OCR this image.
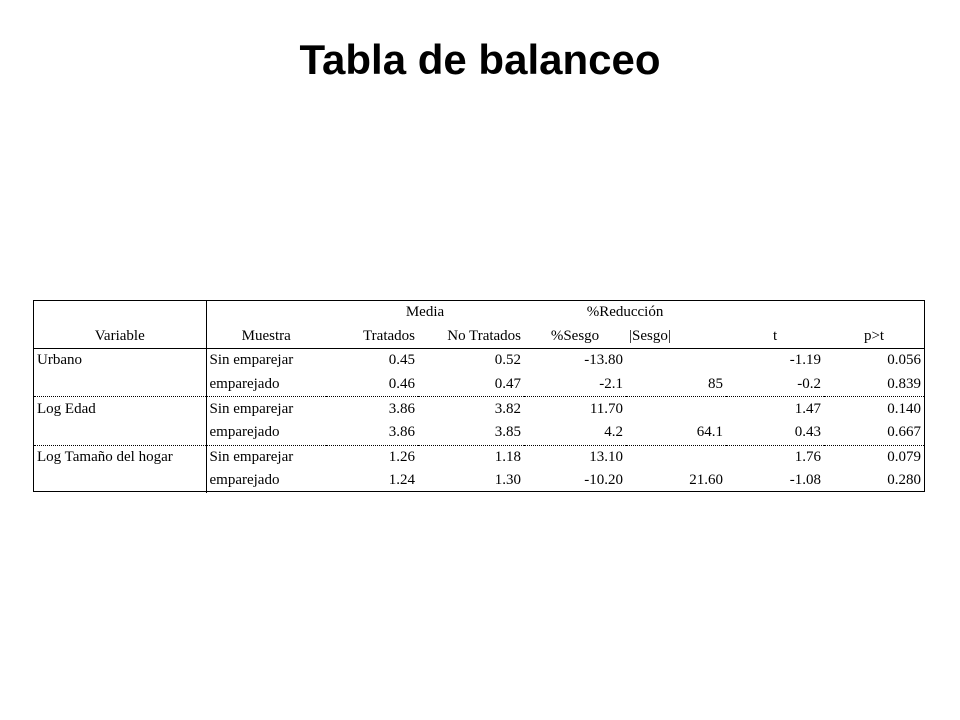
Tabla de balanceo
		Media		%Reducción			
Variable	Muestra	Tratados	No Tratados	%Sesgo	|Sesgo|	t	p>t
Urbano	Sin emparejar	0.45	0.52	-13.80		-1.19	0.056
	emparejado	0.46	0.47	-2.1	85	-0.2	0.839
Log Edad	Sin emparejar	3.86	3.82	11.70		1.47	0.140
	emparejado	3.86	3.85	4.2	64.1	0.43	0.667
Log Tamaño del hogar	Sin emparejar	1.26	1.18	13.10		1.76	0.079
	emparejado	1.24	1.30	-10.20	21.60	-1.08	0.280
